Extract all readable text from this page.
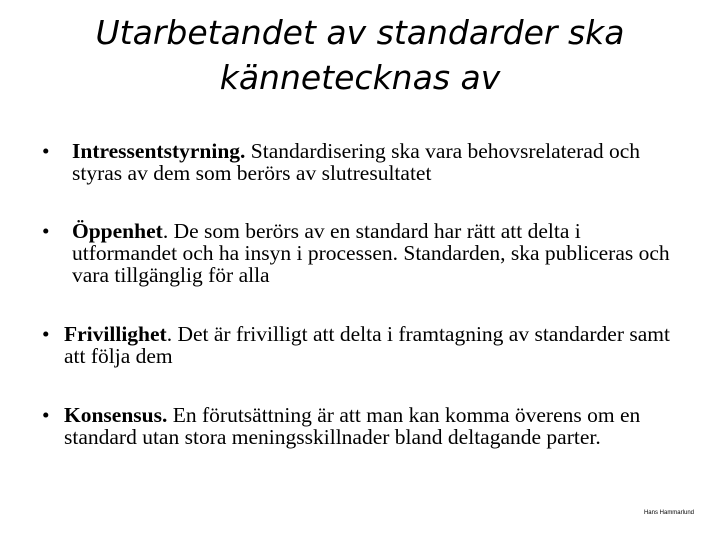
Utarbetandet av standarder ska
kännetecknas av
•	Intressentstyrning. Standardisering ska vara behovsrelaterad och styras av dem som berörs av slutresultatet
•	Öppenhet. De som berörs av en standard har rätt att delta i utformandet och ha insyn i processen. Standarden, ska publiceras och vara tillgänglig för alla
• Frivillighet. Det är frivilligt att delta i framtagning av standarder samt att följa dem
• Konsensus. En förutsättning är att man kan komma överens om en standard utan stora meningsskillnader bland deltagande parter.
Hans Hammarlund
